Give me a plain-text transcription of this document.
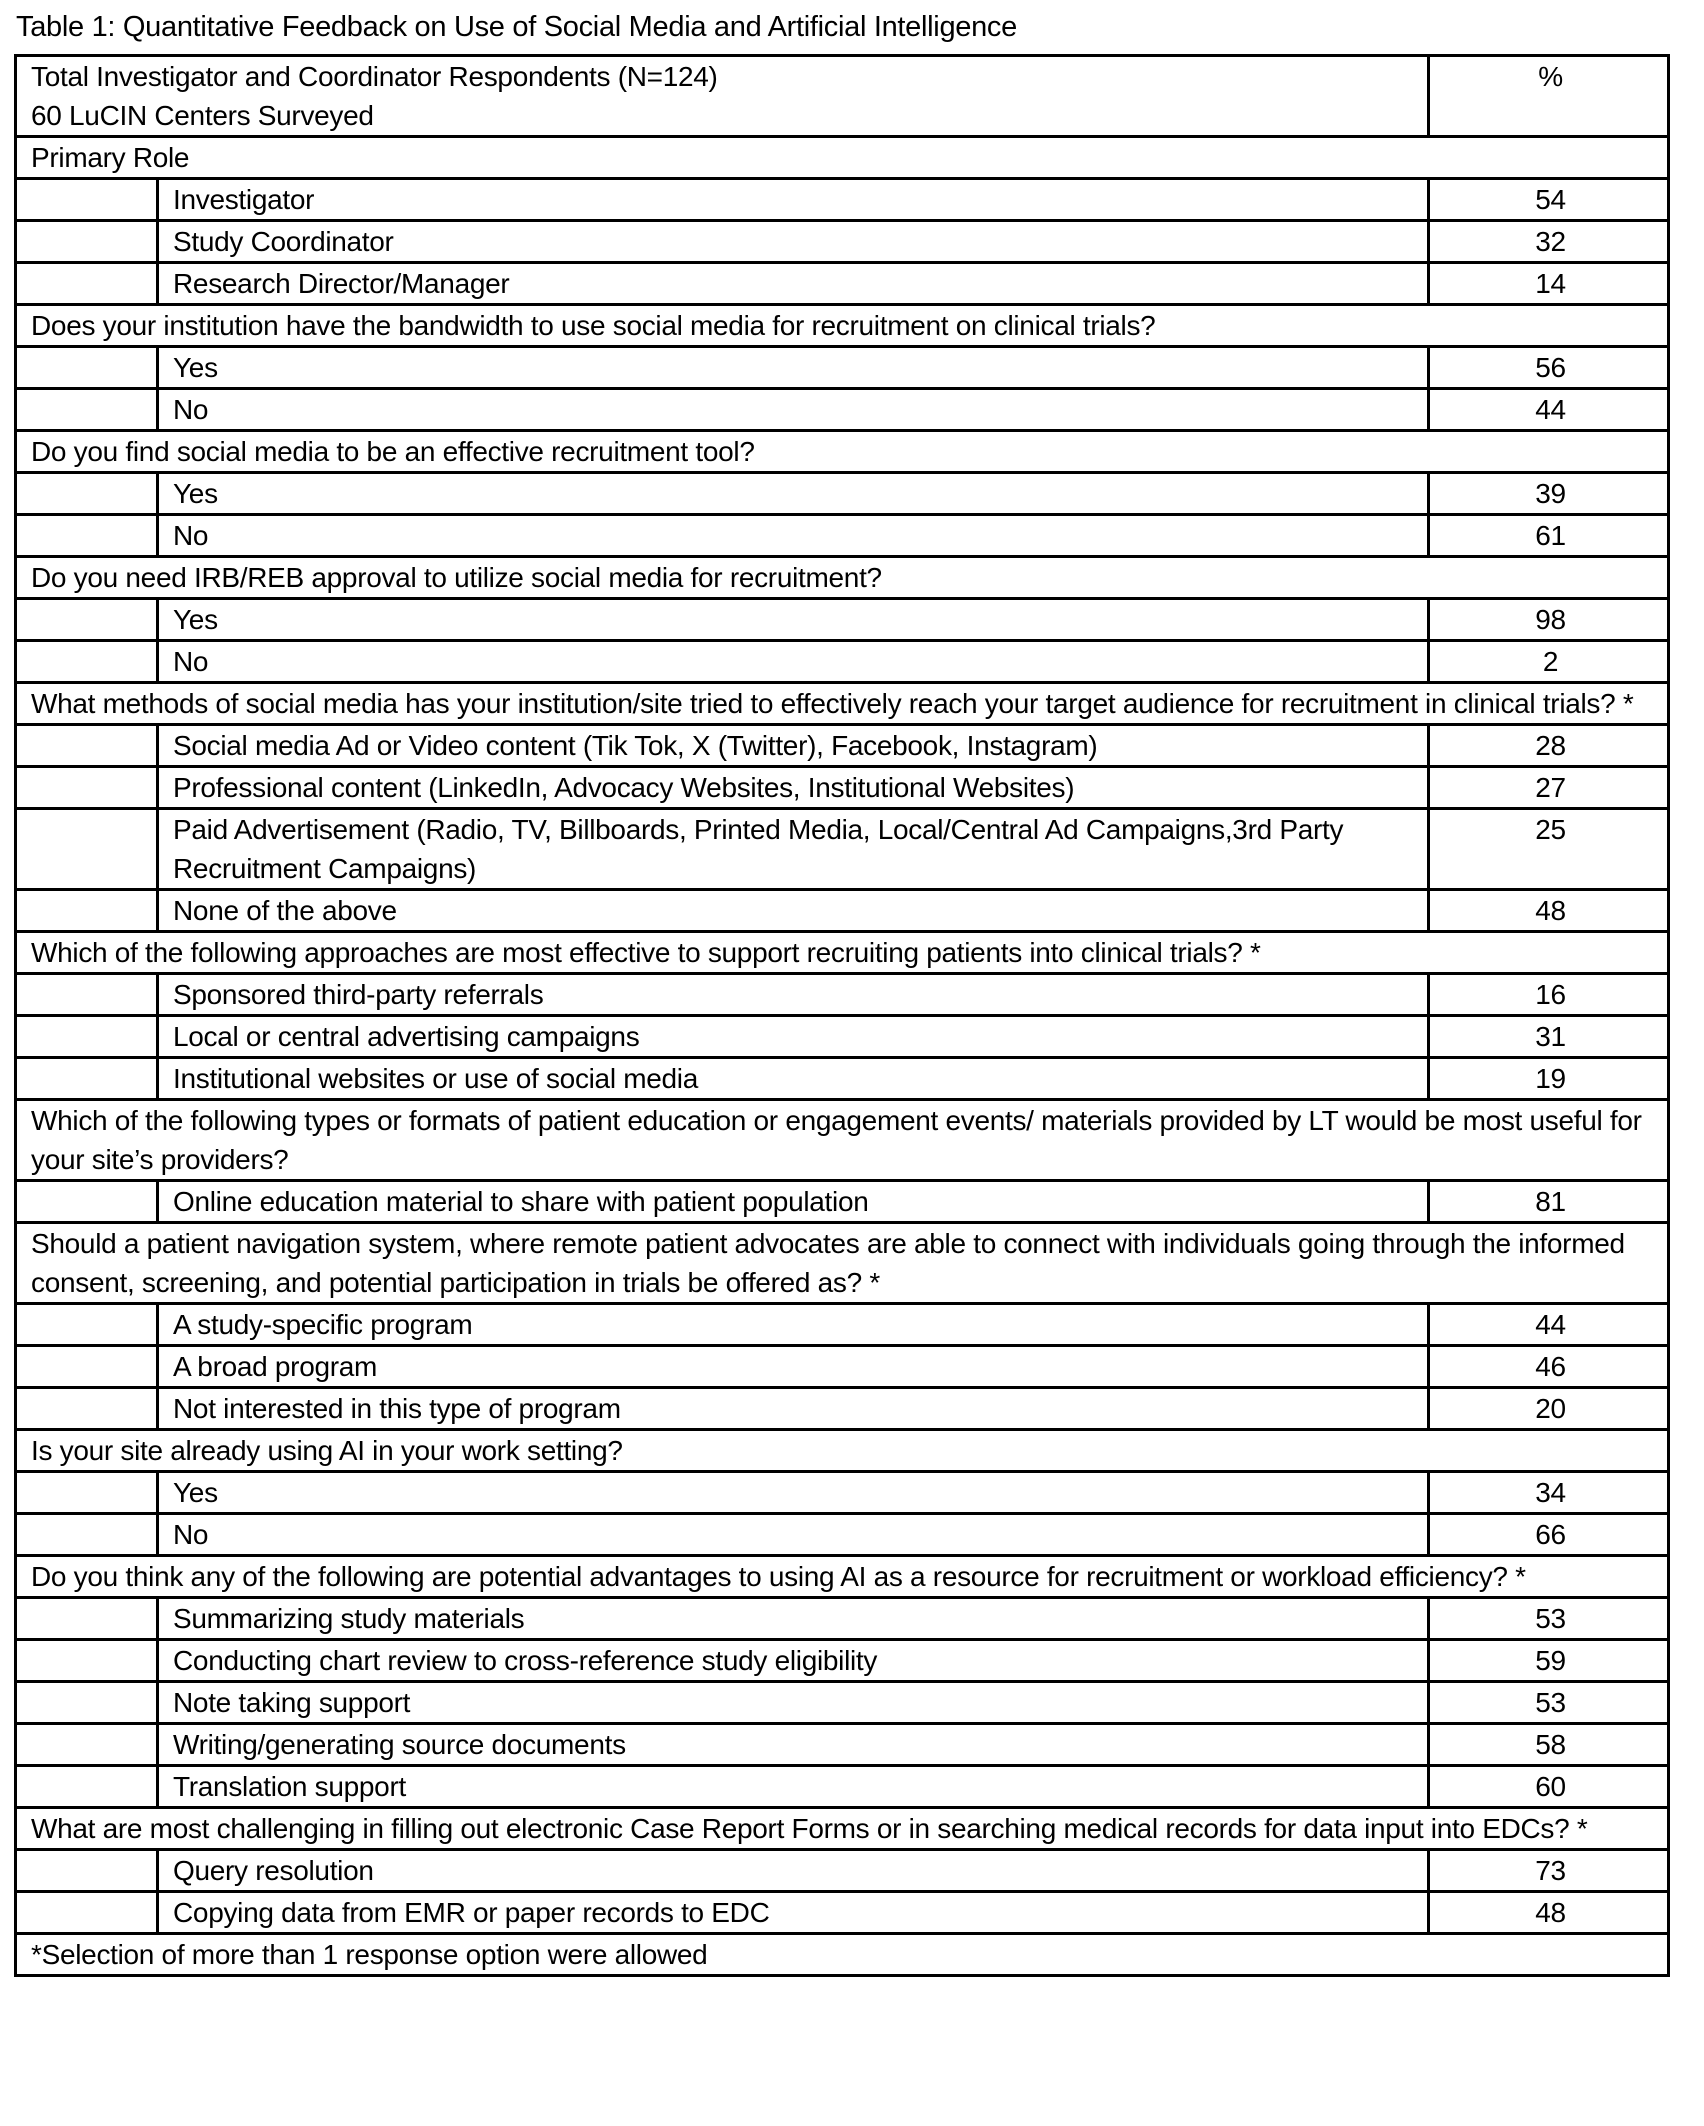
Table 1: Quantitative Feedback on Use of Social Media and Artificial Intelligence
Total Investigator and Coordinator Respondents (N=124)
60 LuCIN Centers Surveyed		%
Primary Role		
	Investigator	54
	Study Coordinator	32
	Research Director/Manager	14
Does your institution have the bandwidth to use social media for recruitment on clinical trials?		
	Yes	56
	No	44
Do you find social media to be an effective recruitment tool?		
	Yes	39
	No	61
Do you need IRB/REB approval to utilize social media for recruitment?		
	Yes	98
	No	2
What methods of social media has your institution/site tried to effectively reach your target audience for recruitment in clinical trials? *		
	Social media Ad or Video content (Tik Tok, X (Twitter), Facebook, Instagram)	28
	Professional content (LinkedIn, Advocacy Websites, Institutional Websites)	27
	Paid Advertisement (Radio, TV, Billboards, Printed Media, Local/Central Ad Campaigns,3rd Party Recruitment Campaigns)	25
	None of the above	48
Which of the following approaches are most effective to support recruiting patients into clinical trials? *		
	Sponsored third-party referrals	16
	Local or central advertising campaigns	31
	Institutional websites or use of social media	19
Which of the following types or formats of patient education or engagement events/ materials provided by LT would be most useful for your site’s providers?		
	Online education material to share with patient population	81
Should a patient navigation system, where remote patient advocates are able to connect with individuals going through the informed consent, screening, and potential participation in trials be offered as? *		
	A study-specific program	44
	A broad program	46
	Not interested in this type of program	20
Is your site already using AI in your work setting?		
	Yes	34
	No	66
Do you think any of the following are potential advantages to using AI as a resource for recruitment or workload efficiency? *		
	Summarizing study materials	53
	Conducting chart review to cross-reference study eligibility	59
	Note taking support	53
	Writing/generating source documents	58
	Translation support	60
What are most challenging in filling out electronic Case Report Forms or in searching medical records for data input into EDCs? *		
	Query resolution	73
	Copying data from EMR or paper records to EDC	48
*Selection of more than 1 response option were allowed		
